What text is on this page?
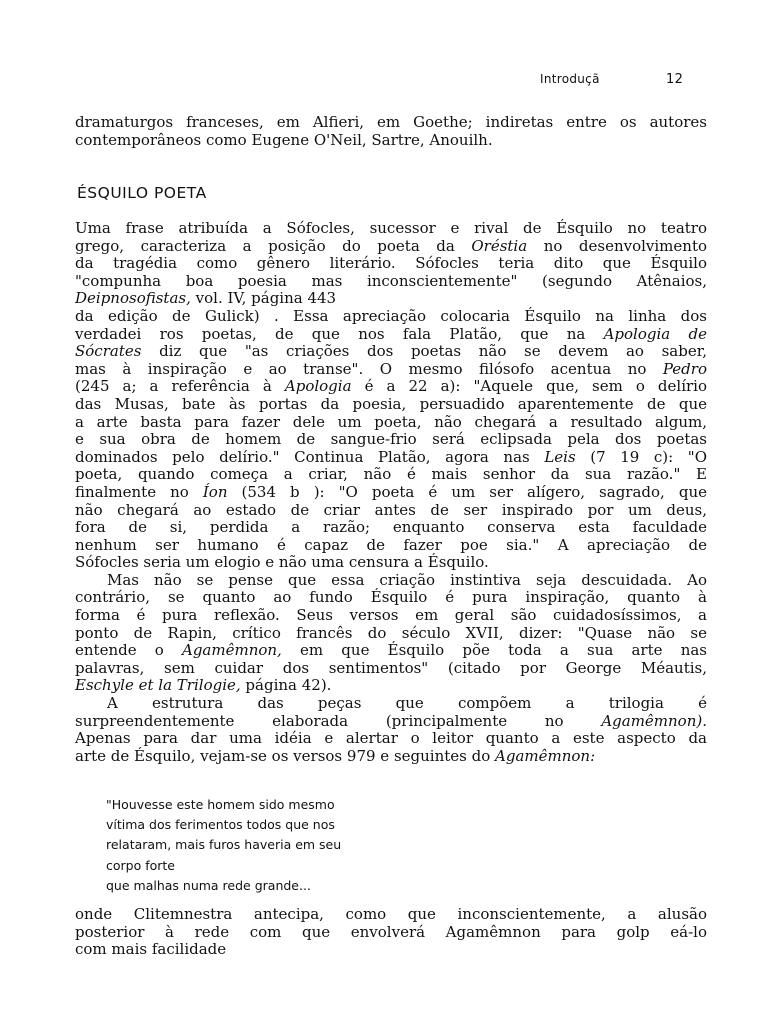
Introduçã	12
dramaturgos franceses, em Alfieri, em Goethe; indiretas entre os autores
contemporâneos como Eugene O'Neil, Sartre, Anouilh.
ÉSQUILO POETA
Uma frase atribuída a Sófocles, sucessor e rival de Ésquilo no teatro
grego, caracteriza a posição do poeta da Oréstia no desenvolvimento
da tragédia como gênero literário. Sófocles teria dito que Ésquilo
"compunha boa poesia mas inconscientemente" (segundo Atênaios,
Deipnosofistas, vol. IV, página 443
da edição de Gulick) . Essa apreciação colocaria Ésquilo na linha dos
verdadei ros poetas, de que nos fala Platão, que na Apologia de
Sócrates diz que "as criações dos poetas não se devem ao saber,
mas à inspiração e ao transe". O mesmo filósofo acentua no Pedro
(245 a; a referência à Apologia é a 22 a): "Aquele que, sem o delírio
das Musas, bate às portas da poesia, persuadido aparentemente de que
a arte basta para fazer dele um poeta, não chegará a resultado algum,
e sua obra de homem de sangue-frio será eclipsada pela dos poetas
dominados pelo delírio." Continua Platão, agora nas Leis (7 19 c): "O
poeta, quando começa a criar, não é mais senhor da sua razão." E
finalmente no Íon (534 b ): "O poeta é um ser alígero, sagrado, que
não chegará ao estado de criar antes de ser inspirado por um deus,
fora de si, perdida a razão; enquanto conserva esta faculdade
nenhum ser humano é capaz de fazer poe sia." A apreciação de
Sófocles seria um elogio e não uma censura a Ésquilo.
Mas não se pense que essa criação instintiva seja descuidada. Ao
contrário, se quanto ao fundo Ésquilo é pura inspiração, quanto à
forma é pura reflexão. Seus versos em geral são cuidadosíssimos, a
ponto de Rapin, crítico francês do século XVII, dizer: "Quase não se
entende o Agamêmnon, em que Ésquilo põe toda a sua arte nas
palavras, sem cuidar dos sentimentos" (citado por George Méautis,
Eschyle et la Trilogie, página 42).
A estrutura das peças que compõem a trilogia é
surpreendentemente elaborada (principalmente no Agamêmnon).
Apenas para dar uma idéia e alertar o leitor quanto a este aspecto da
arte de Ésquilo, vejam-se os versos 979 e seguintes do Agamêmnon:
"Houvesse este homem sido mesmo
vítima dos ferimentos todos que nos
relataram, mais furos haveria em seu
corpo forte
que malhas numa rede grande...
onde Clitemnestra antecipa, como que inconscientemente, a alusão
posterior à rede com que envolverá Agamêmnon para golp eá-lo
com mais facilidade
